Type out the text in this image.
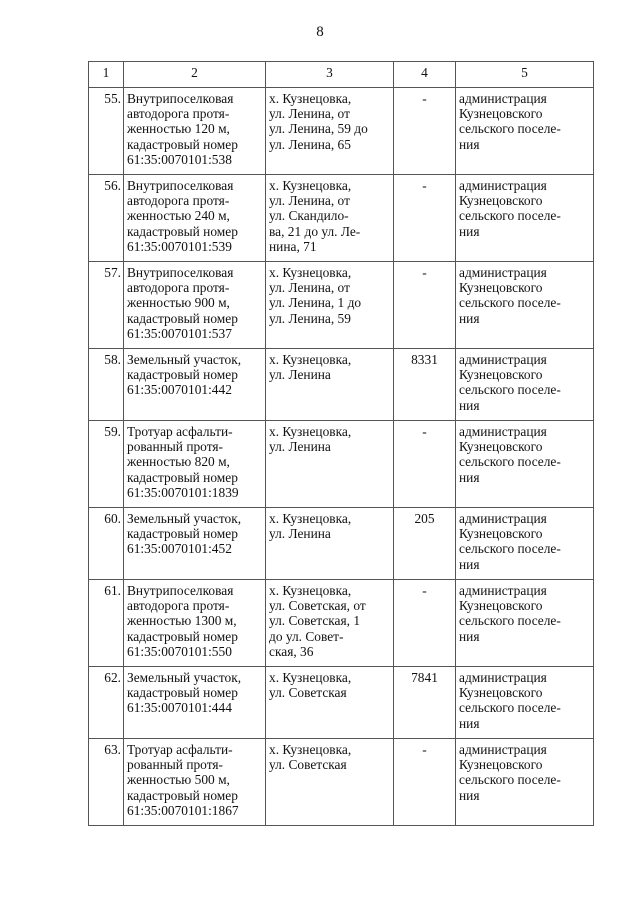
8
1	2	3	4	5

55.	Внутрипоселковая
автодорога протя-
женностью 120 м,
кадастровый номер
61:35:0070101:538	х. Кузнецовка,
ул. Ленина, от
ул. Ленина, 59 до
ул. Ленина, 65	-	администрация
Кузнецовского
сельского поселе-
ния

56.	Внутрипоселковая
автодорога протя-
женностью 240 м,
кадастровый номер
61:35:0070101:539	х. Кузнецовка,
ул. Ленина, от
ул. Скандило-
ва, 21 до ул. Ле-
нина, 71	-	администрация
Кузнецовского
сельского поселе-
ния

57.	Внутрипоселковая
автодорога протя-
женностью 900 м,
кадастровый номер
61:35:0070101:537	х. Кузнецовка,
ул. Ленина, от
ул. Ленина, 1 до
ул. Ленина, 59	-	администрация
Кузнецовского
сельского поселе-
ния

58.	Земельный участок,
кадастровый номер
61:35:0070101:442	х. Кузнецовка,
ул. Ленина	8331	администрация
Кузнецовского
сельского поселе-
ния

59.	Тротуар асфальти-
рованный протя-
женностью 820 м,
кадастровый номер
61:35:0070101:1839	х. Кузнецовка,
ул. Ленина	-	администрация
Кузнецовского
сельского поселе-
ния

60.	Земельный участок,
кадастровый номер
61:35:0070101:452	х. Кузнецовка,
ул. Ленина	205	администрация
Кузнецовского
сельского поселе-
ния

61.	Внутрипоселковая
автодорога протя-
женностью 1300 м,
кадастровый номер
61:35:0070101:550	х. Кузнецовка,
ул. Советская, от
ул. Советская, 1
до ул. Совет-
ская, 36	-	администрация
Кузнецовского
сельского поселе-
ния

62.	Земельный участок,
кадастровый номер
61:35:0070101:444	х. Кузнецовка,
ул. Советская	7841	администрация
Кузнецовского
сельского поселе-
ния

63.	Тротуар асфальти-
рованный протя-
женностью 500 м,
кадастровый номер
61:35:0070101:1867	х. Кузнецовка,
ул. Советская	-	администрация
Кузнецовского
сельского поселе-
ния
